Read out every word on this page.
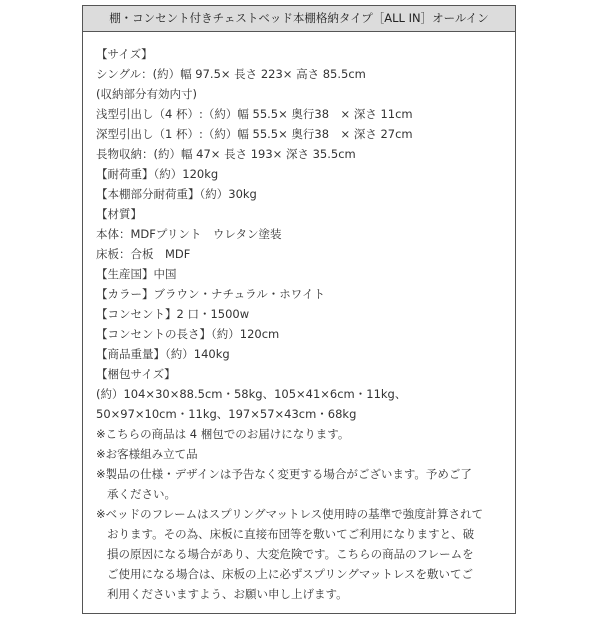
棚・コンセント付きチェストベッド本棚格納タイプ［ALL IN］オールイン
【サイズ】
シングル：(約）幅 97.5× 長さ 223× 高さ 85.5cm
(収納部分有効内寸)
浅型引出し（4 杯）:（約）幅 55.5× 奥行38　× 深さ 11cm
深型引出し（1 杯）:（約）幅 55.5× 奥行38　× 深さ 27cm
長物収納：(約）幅 47× 長さ 193× 深さ 35.5cm
【耐荷重】（約）120kg
【本棚部分耐荷重】（約）30kg
【材質】
本体：MDFプリント　ウレタン塗装
床板：合板　MDF
【生産国】中国
【カラー】ブラウン・ナチュラル・ホワイト
【コンセント】2 口・1500w
【コンセントの長さ】（約）120cm
【商品重量】（約）140kg
【梱包サイズ】
(約）104×30×88.5cm・58kg、105×41×6cm・11kg、
50×97×10cm・11kg、197×57×43cm・68kg
※こちらの商品は 4 梱包でのお届けになります。
※お客様組み立て品
※製品の仕様・デザインは予告なく変更する場合がございます。予めご了
承ください。
※ベッドのフレームはスプリングマットレス使用時の基準で強度計算されて
おります。その為、床板に直接布団等を敷いてご利用になりますと、破
損の原因になる場合があり、大変危険です。こちらの商品のフレームを
ご使用になる場合は、床板の上に必ずスプリングマットレスを敷いてご
利用くださいますよう、お願い申し上げます。
